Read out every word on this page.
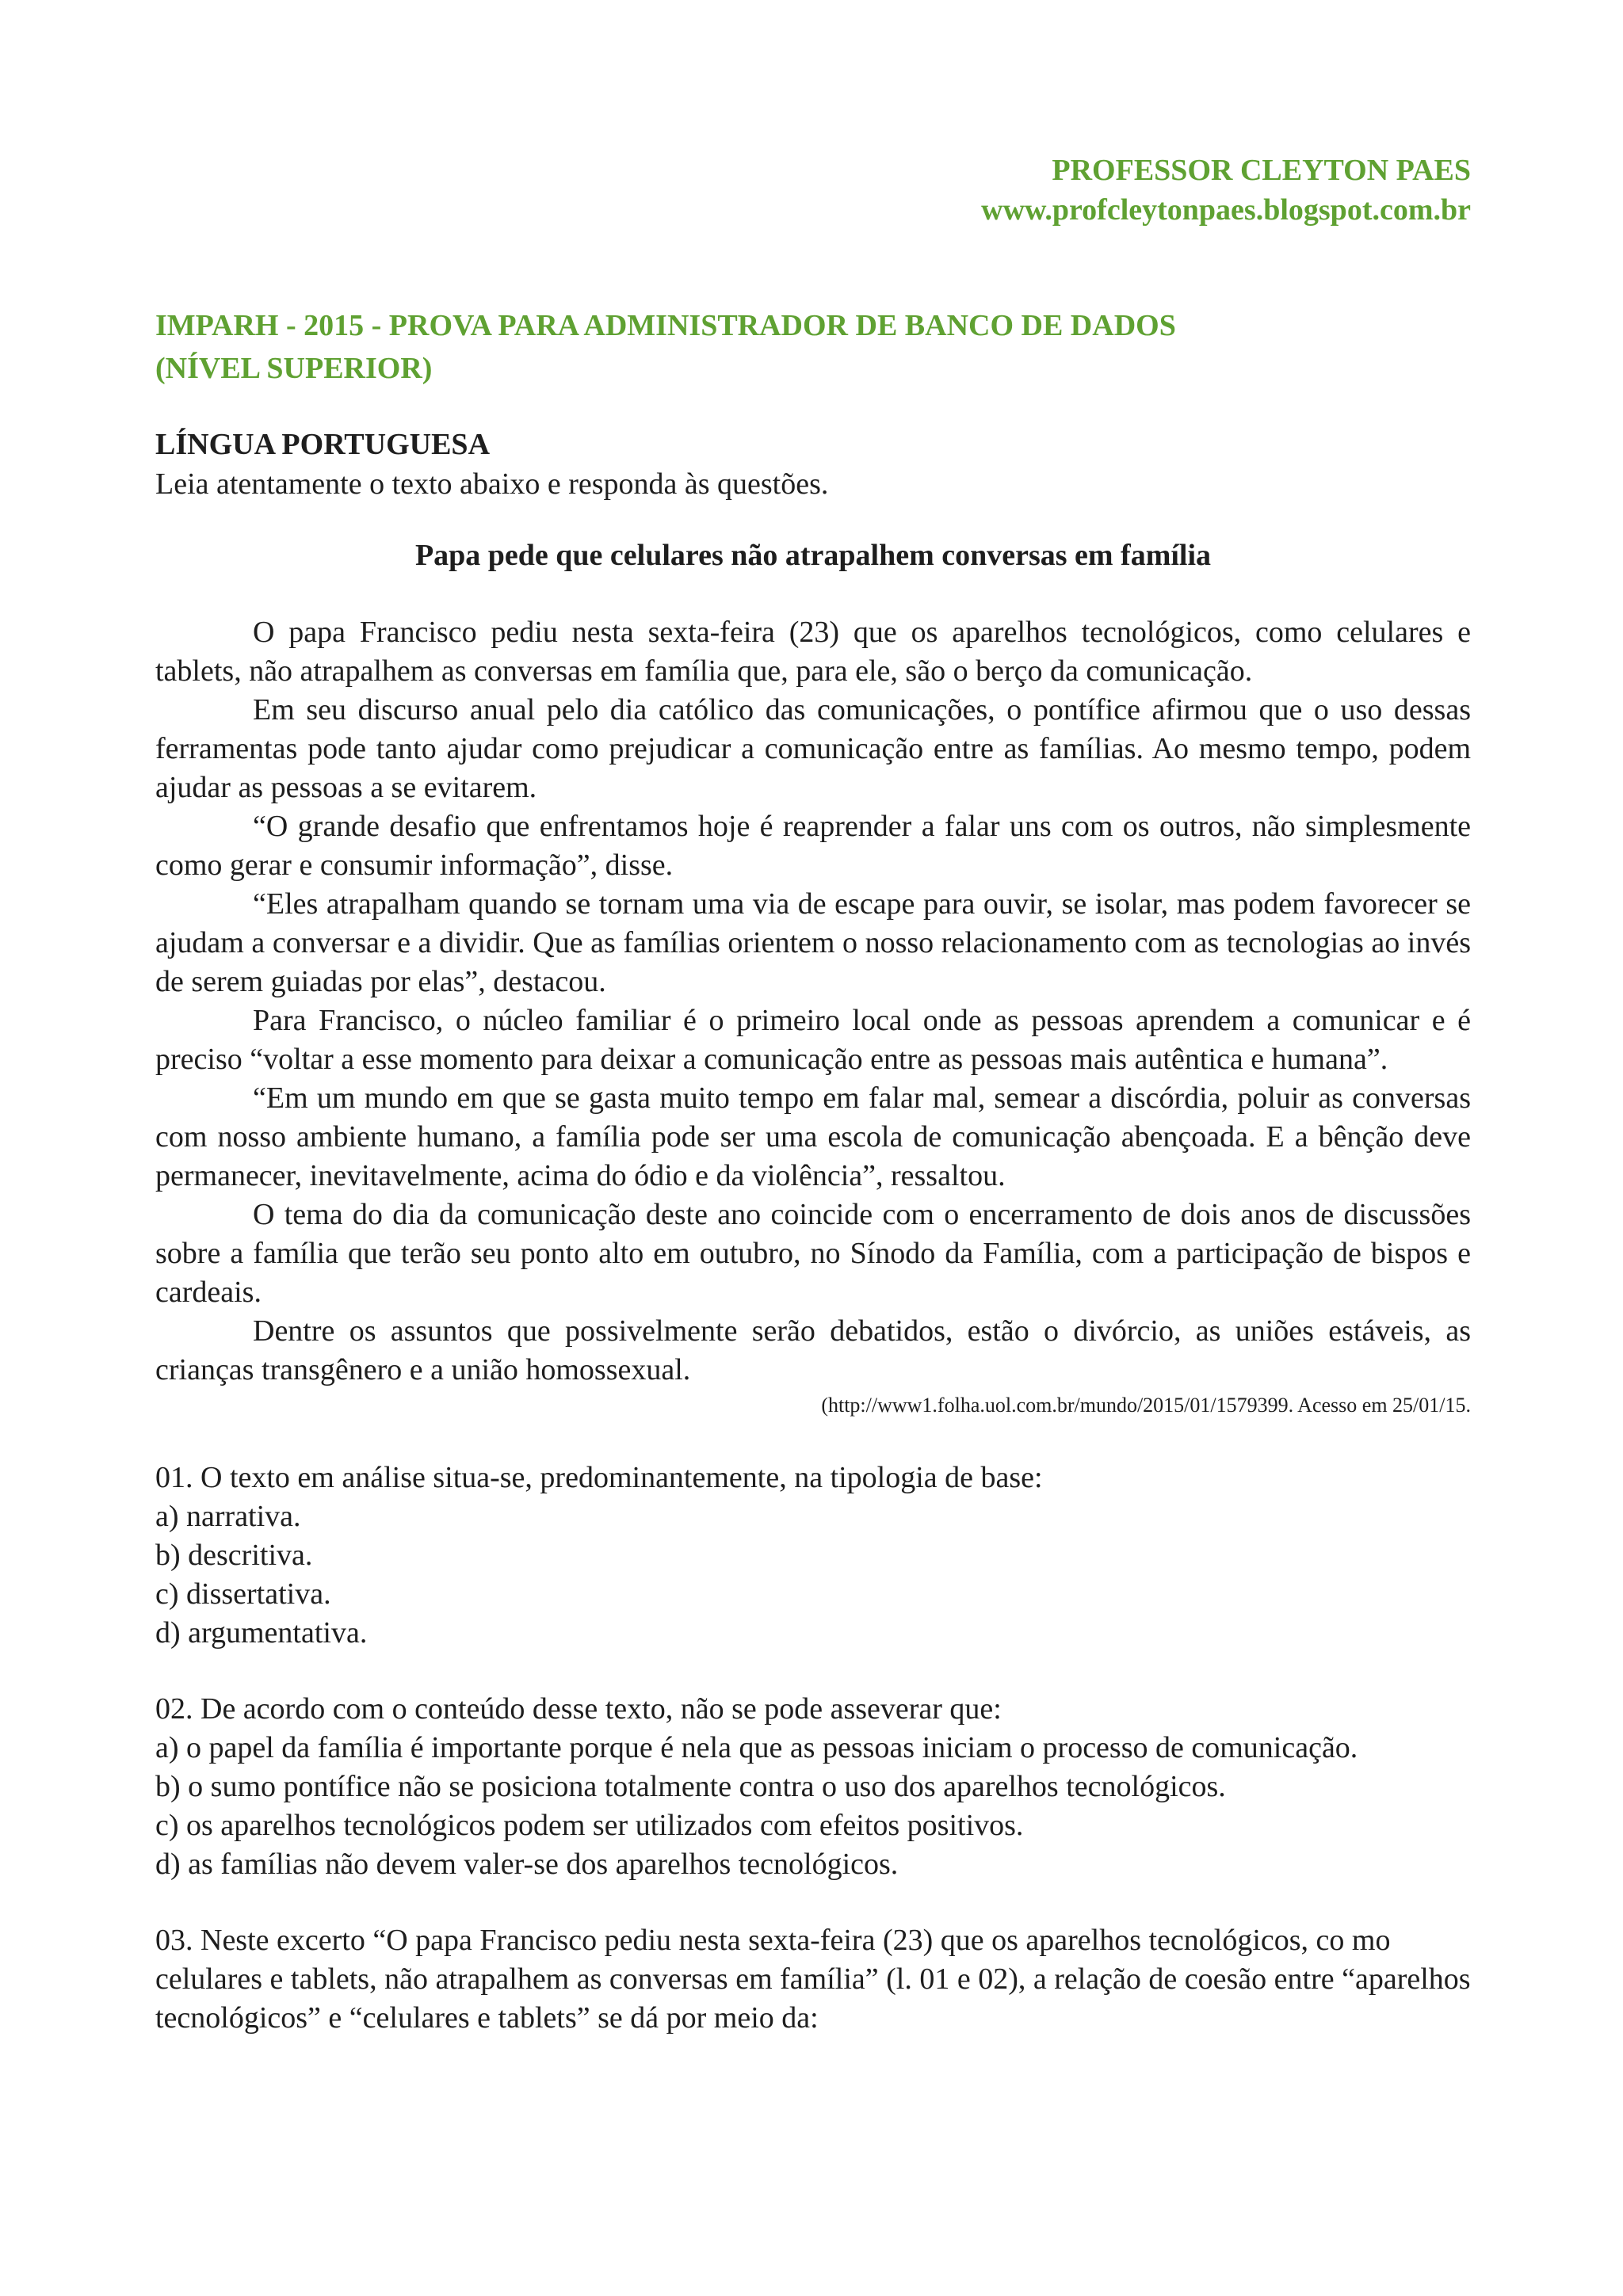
PROFESSOR CLEYTON PAES
www.profcleytonpaes.blogspot.com.br
IMPARH - 2015 - PROVA PARA ADMINISTRADOR DE BANCO DE DADOS
(NÍVEL SUPERIOR)

LÍNGUA PORTUGUESA

Leia atentamente o texto abaixo e responda às questões.

Papa pede que celulares não atrapalhem conversas em família

O papa Francisco pediu nesta sexta-feira (23) que os aparelhos tecnológicos, como celulares e tablets, não atrapalhem as conversas em família que, para ele, são o berço da comunicação.

Em seu discurso anual pelo dia católico das comunicações, o pontífice afirmou que o uso dessas ferramentas pode tanto ajudar como prejudicar a comunicação entre as famílias. Ao mesmo tempo, podem ajudar as pessoas a se evitarem.

“O grande desafio que enfrentamos hoje é reaprender a falar uns com os outros, não simplesmente como gerar e consumir informação”, disse.

“Eles atrapalham quando se tornam uma via de escape para ouvir, se isolar, mas podem favorecer se ajudam a conversar e a dividir. Que as famílias orientem o nosso relacionamento com as tecnologias ao invés de serem guiadas por elas”, destacou.

Para Francisco, o núcleo familiar é o primeiro local onde as pessoas aprendem a comunicar e é preciso “voltar a esse momento para deixar a comunicação entre as pessoas mais autêntica e humana”.

“Em um mundo em que se gasta muito tempo em falar mal, semear a discórdia, poluir as conversas com nosso ambiente humano, a família pode ser uma escola de comunicação abençoada. E a bênção deve permanecer, inevitavelmente, acima do ódio e da violência”, ressaltou.

O tema do dia da comunicação deste ano coincide com o encerramento de dois anos de discussões sobre a família que terão seu ponto alto em outubro, no Sínodo da Família, com a participação de bispos e cardeais.

Dentre os assuntos que possivelmente serão debatidos, estão o divórcio, as uniões estáveis, as crianças transgênero e a união homossexual.

(http://www1.folha.uol.com.br/mundo/2015/01/1579399. Acesso em 25/01/15.

01. O texto em análise situa-se, predominantemente, na tipologia de base:

a) narrativa.

b) descritiva.

c) dissertativa.

d) argumentativa.

02. De acordo com o conteúdo desse texto, não se pode asseverar que:

a) o papel da família é importante porque é nela que as pessoas iniciam o processo de comunicação.

b) o sumo pontífice não se posiciona totalmente contra o uso dos aparelhos tecnológicos.

c) os aparelhos tecnológicos podem ser utilizados com efeitos positivos.

d) as famílias não devem valer-se dos aparelhos tecnológicos.

03. Neste excerto “O papa Francisco pediu nesta sexta-feira (23) que os aparelhos tecnológicos, co mo celulares e tablets, não atrapalhem as conversas em família” (l. 01 e 02), a relação de coesão entre “aparelhos tecnológicos” e “celulares e tablets” se dá por meio da:
